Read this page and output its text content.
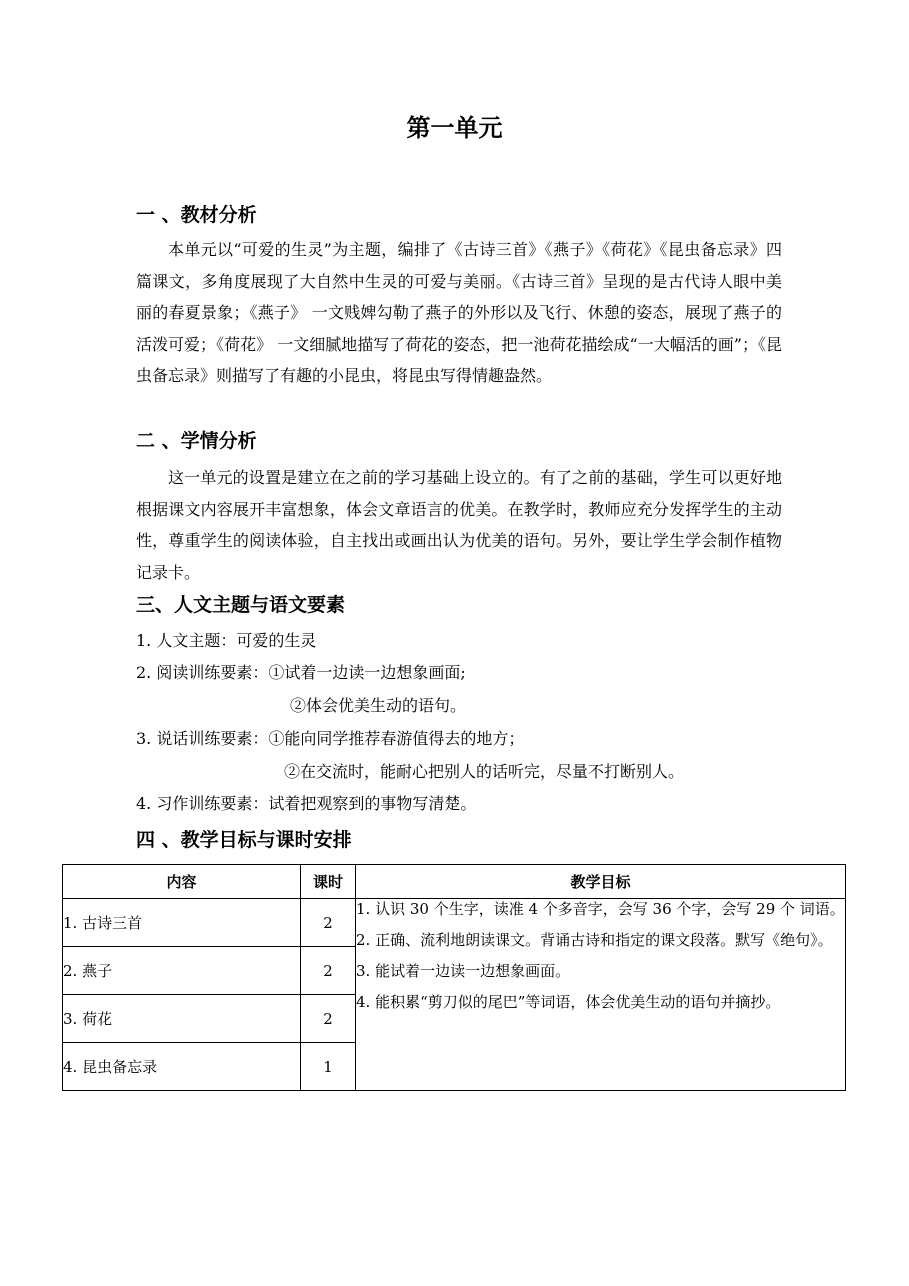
第一单元
一 、教材分析

本单元以“可爱的生灵”为主题，编排了《古诗三首》《燕子》《荷花》《昆虫备忘录》四篇课文，多角度展现了大自然中生灵的可爱与美丽。《古诗三首》呈现的是古代诗人眼中美丽的春夏景象；《燕子》 一文贱婢勾勒了燕子的外形以及飞行、休憩的姿态，展现了燕子的活泼可爱；《荷花》 一文细腻地描写了荷花的姿态，把一池荷花描绘成“一大幅活的画”；《昆虫备忘录》则描写了有趣的小昆虫，将昆虫写得情趣盎然。

二 、学情分析

这一单元的设置是建立在之前的学习基础上设立的。有了之前的基础，学生可以更好地根据课文内容展开丰富想象，体会文章语言的优美。在教学时，教师应充分发挥学生的主动性，尊重学生的阅读体验，自主找出或画出认为优美的语句。另外，要让学生学会制作植物记录卡。

三、人文主题与语文要素
1. 人文主题：可爱的生灵
2. 阅读训练要素：①试着一边读一边想象画面;
②体会优美生动的语句。
3. 说话训练要素：①能向同学推荐春游值得去的地方；
②在交流时，能耐心把别人的话听完，尽量不打断别人。
4. 习作训练要素：试着把观察到的事物写清楚。
四 、教学目标与课时安排
内容	课时	教学目标
1. 古诗三首	2	1. 认识 30 个生字，读准 4 个多音字，会写 36 个字，会写 29 个 词语。
2. 正确、流利地朗读课文。背诵古诗和指定的课文段落。默写《绝句》。
3. 能试着一边读一边想象画面。
4. 能积累“剪刀似的尾巴”等词语，体会优美生动的语句并摘抄。

2. 燕子	2	
3. 荷花	2	
4. 昆虫备忘录	1	
